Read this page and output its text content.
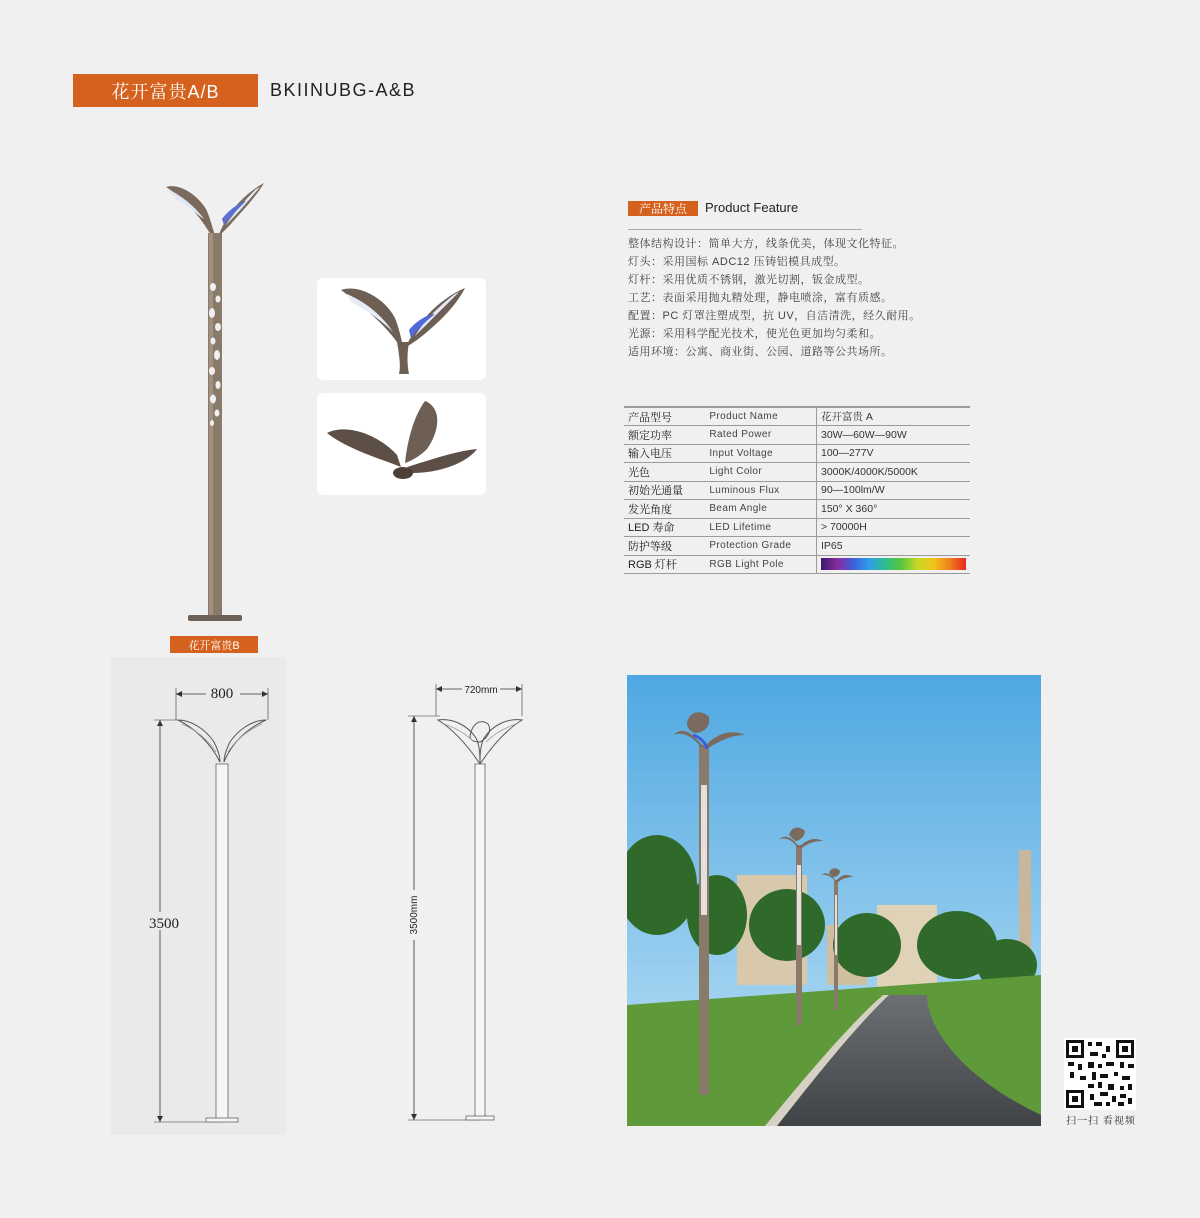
花开富贵A/B	BKIINUBG-A&B
花开富贵B
产品特点	Product Feature
整体结构设计：简单大方，线条优美，体现文化特征。
灯头：采用国标 ADC12 压铸铝模具成型。
灯杆：采用优质不锈钢，激光切割，钣金成型。
工艺：表面采用抛丸精处理，静电喷涂，富有质感。
配置：PC 灯罩注塑成型，抗 UV，自洁清洗，经久耐用。
光源：采用科学配光技术，使光色更加均匀柔和。
适用环境：公寓、商业街、公园、道路等公共场所。
产品型号	Product Name	花开富贵 A
额定功率	Rated Power	30W—60W—90W
输入电压	Input Voltage	100—277V
光色	Light Color	3000K/4000K/5000K
初始光通量	Luminous Flux	90—100lm/W
发光角度	Beam Angle	150° X 360°
LED 寿命	LED Lifetime	> 70000H
防护等级	Protection Grade	IP65
RGB 灯杆	RGB Light Pole	
800
3500
720mm
3500mm
扫一扫 看视频
